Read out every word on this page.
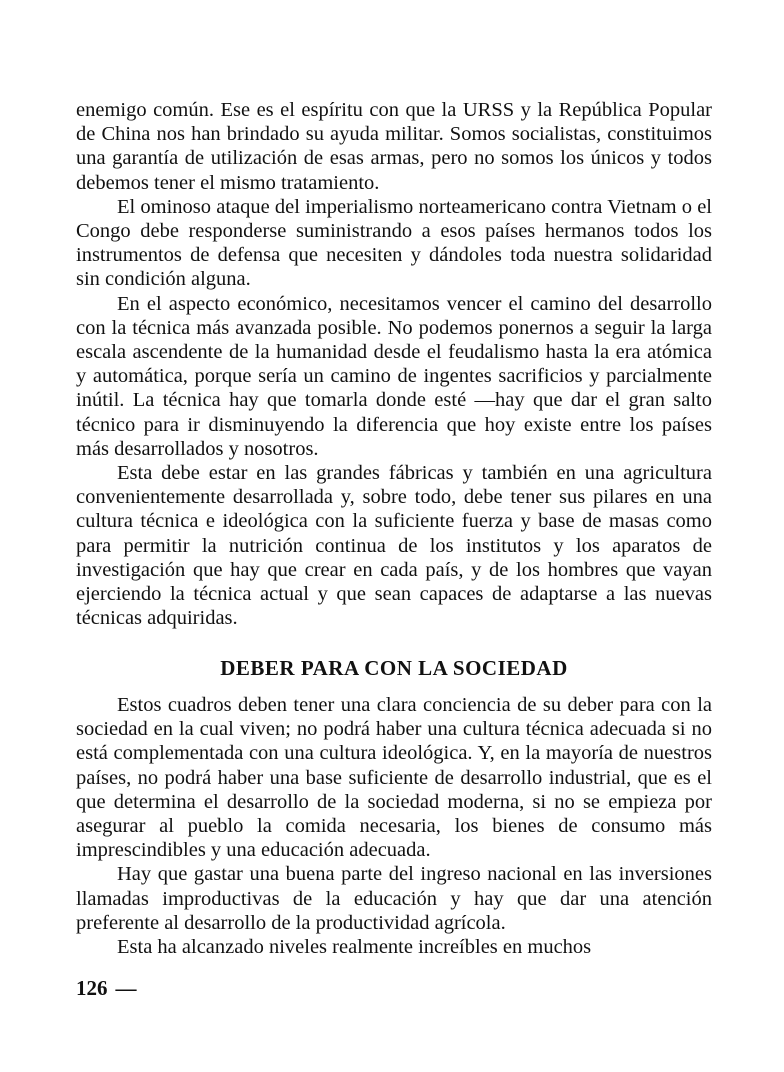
enemigo común. Ese es el espíritu con que la URSS y la República Popular de China nos han brindado su ayuda militar. Somos socialistas, constituimos una garantía de utilización de esas armas, pero no somos los únicos y todos debemos tener el mismo tratamiento.

El ominoso ataque del imperialismo norteamericano contra Vietnam o el Congo debe responderse suministrando a esos países hermanos todos los instrumentos de defensa que necesiten y dándoles toda nuestra solidaridad sin condición alguna.

En el aspecto económico, necesitamos vencer el camino del desarrollo con la técnica más avanzada posible. No podemos ponernos a seguir la larga escala ascendente de la humanidad desde el feudalismo hasta la era atómica y automática, porque sería un camino de ingentes sacrificios y parcialmente inútil. La técnica hay que tomarla donde esté —hay que dar el gran salto técnico para ir disminuyendo la diferencia que hoy existe entre los países más desarrollados y nosotros.

Esta debe estar en las grandes fábricas y también en una agricultura convenientemente desarrollada y, sobre todo, debe tener sus pilares en una cultura técnica e ideológica con la suficiente fuerza y base de masas como para permitir la nutrición continua de los institutos y los aparatos de investigación que hay que crear en cada país, y de los hombres que vayan ejerciendo la técnica actual y que sean capaces de adaptarse a las nuevas técnicas adquiridas.

DEBER PARA CON LA SOCIEDAD

Estos cuadros deben tener una clara conciencia de su deber para con la sociedad en la cual viven; no podrá haber una cultura técnica adecuada si no está complementada con una cultura ideológica. Y, en la mayoría de nuestros países, no podrá haber una base suficiente de desarrollo industrial, que es el que determina el desarrollo de la sociedad moderna, si no se empieza por asegurar al pueblo la comida necesaria, los bienes de consumo más imprescindibles y una educación adecuada.

Hay que gastar una buena parte del ingreso nacional en las inversiones llamadas improductivas de la educación y hay que dar una atención preferente al desarrollo de la productividad agrícola.

Esta ha alcanzado niveles realmente increíbles en muchos

126 —
